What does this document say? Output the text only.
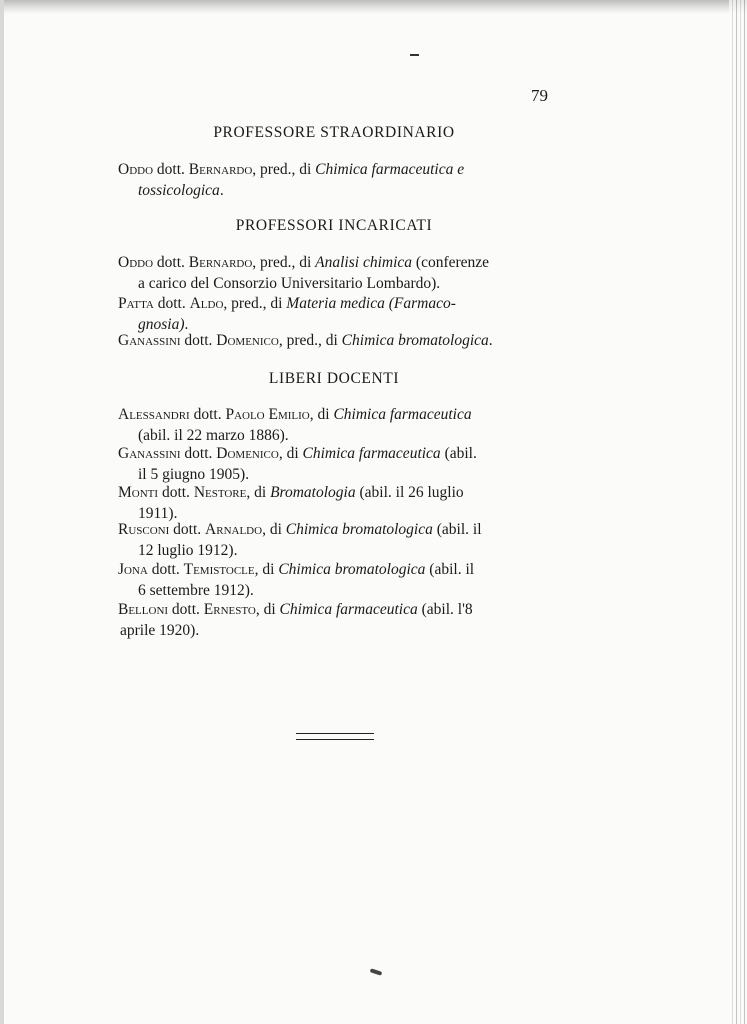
79
PROFESSORE STRAORDINARIO
Oddo dott. Bernardo, pred., di Chimica farmaceutica e
tossicologica.
PROFESSORI INCARICATI
Oddo dott. Bernardo, pred., di Analisi chimica (conferenze
a carico del Consorzio Universitario Lombardo).
Patta dott. Aldo, pred., di Materia medica (Farmaco-
gnosia).
Ganassini dott. Domenico, pred., di Chimica bromatologica.
LIBERI DOCENTI
Alessandri dott. Paolo Emilio, di Chimica farmaceutica
(abil. il 22 marzo 1886).
Ganassini dott. Domenico, di Chimica farmaceutica (abil.
il 5 giugno 1905).
Monti dott. Nestore, di Bromatologia (abil. il 26 luglio
1911).
Rusconi dott. Arnaldo, di Chimica bromatologica (abil. il
12 luglio 1912).
Jona dott. Temistocle, di Chimica bromatologica (abil. il
6 settembre 1912).
Belloni dott. Ernesto, di Chimica farmaceutica (abil. l'8
aprile 1920).
